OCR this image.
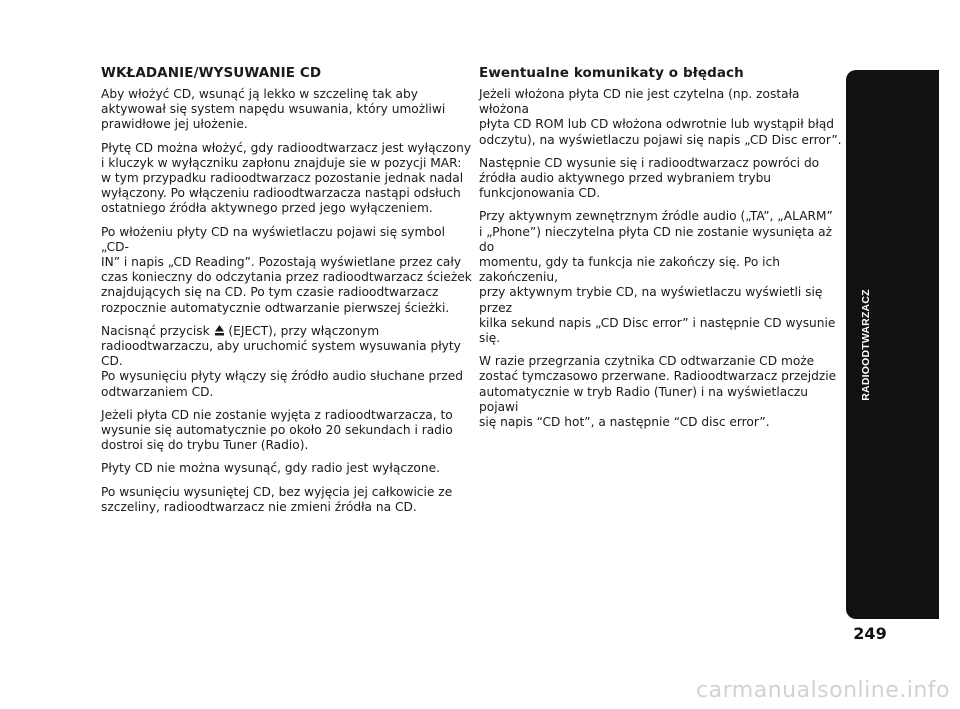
WKŁADANIE/WYSUWANIE CD

Aby włożyć CD, wsunąć ją lekko w szczelinę tak aby
aktywował się system napędu wsuwania, który umożliwi
prawidłowe jej ułożenie.

Płytę CD można włożyć, gdy radioodtwarzacz jest wyłączony
i kluczyk w wyłączniku zapłonu znajduje sie w pozycji MAR:
w tym przypadku radioodtwarzacz pozostanie jednak nadal
wyłączony. Po włączeniu radioodtwarzacza nastąpi odsłuch
ostatniego źródła aktywnego przed jego wyłączeniem.

Po włożeniu płyty CD na wyświetlaczu pojawi się symbol „CD-
IN” i napis „CD Reading”. Pozostają wyświetlane przez cały
czas konieczny do odczytania przez radioodtwarzacz ścieżek
znajdujących się na CD. Po tym czasie radioodtwarzacz
rozpocznie automatycznie odtwarzanie pierwszej ścieżki.

Nacisnąć przycisk (EJECT), przy włączonym
radioodtwarzaczu, aby uruchomić system wysuwania płyty CD.
Po wysunięciu płyty włączy się źródło audio słuchane przed
odtwarzaniem CD.

Jeżeli płyta CD nie zostanie wyjęta z radioodtwarzacza, to
wysunie się automatycznie po około 20 sekundach i radio
dostroi się do trybu Tuner (Radio).

Płyty CD nie można wysunąć, gdy radio jest wyłączone.

Po wsunięciu wysuniętej CD, bez wyjęcia jej całkowicie ze
szczeliny, radioodtwarzacz nie zmieni źródła na CD.

Ewentualne komunikaty o błędach

Jeżeli włożona płyta CD nie jest czytelna (np. została włożona
płyta CD ROM lub CD włożona odwrotnie lub wystąpił błąd
odczytu), na wyświetlaczu pojawi się napis „CD Disc error”.

Następnie CD wysunie się i radioodtwarzacz powróci do
źródła audio aktywnego przed wybraniem trybu
funkcjonowania CD.

Przy aktywnym zewnętrznym źródle audio („TA”, „ALARM”
i „Phone”) nieczytelna płyta CD nie zostanie wysunięta aż do
momentu, gdy ta funkcja nie zakończy się. Po ich zakończeniu,
przy aktywnym trybie CD, na wyświetlaczu wyświetli się przez
kilka sekund napis „CD Disc error” i następnie CD wysunie się.

W razie przegrzania czytnika CD odtwarzanie CD może
zostać tymczasowo przerwane. Radioodtwarzacz przejdzie
automatycznie w tryb Radio (Tuner) i na wyświetlaczu pojawi
się napis “CD hot”, a następnie “CD disc error”.

RADIOODTWARZACZ
249
carmanualsonline.info
